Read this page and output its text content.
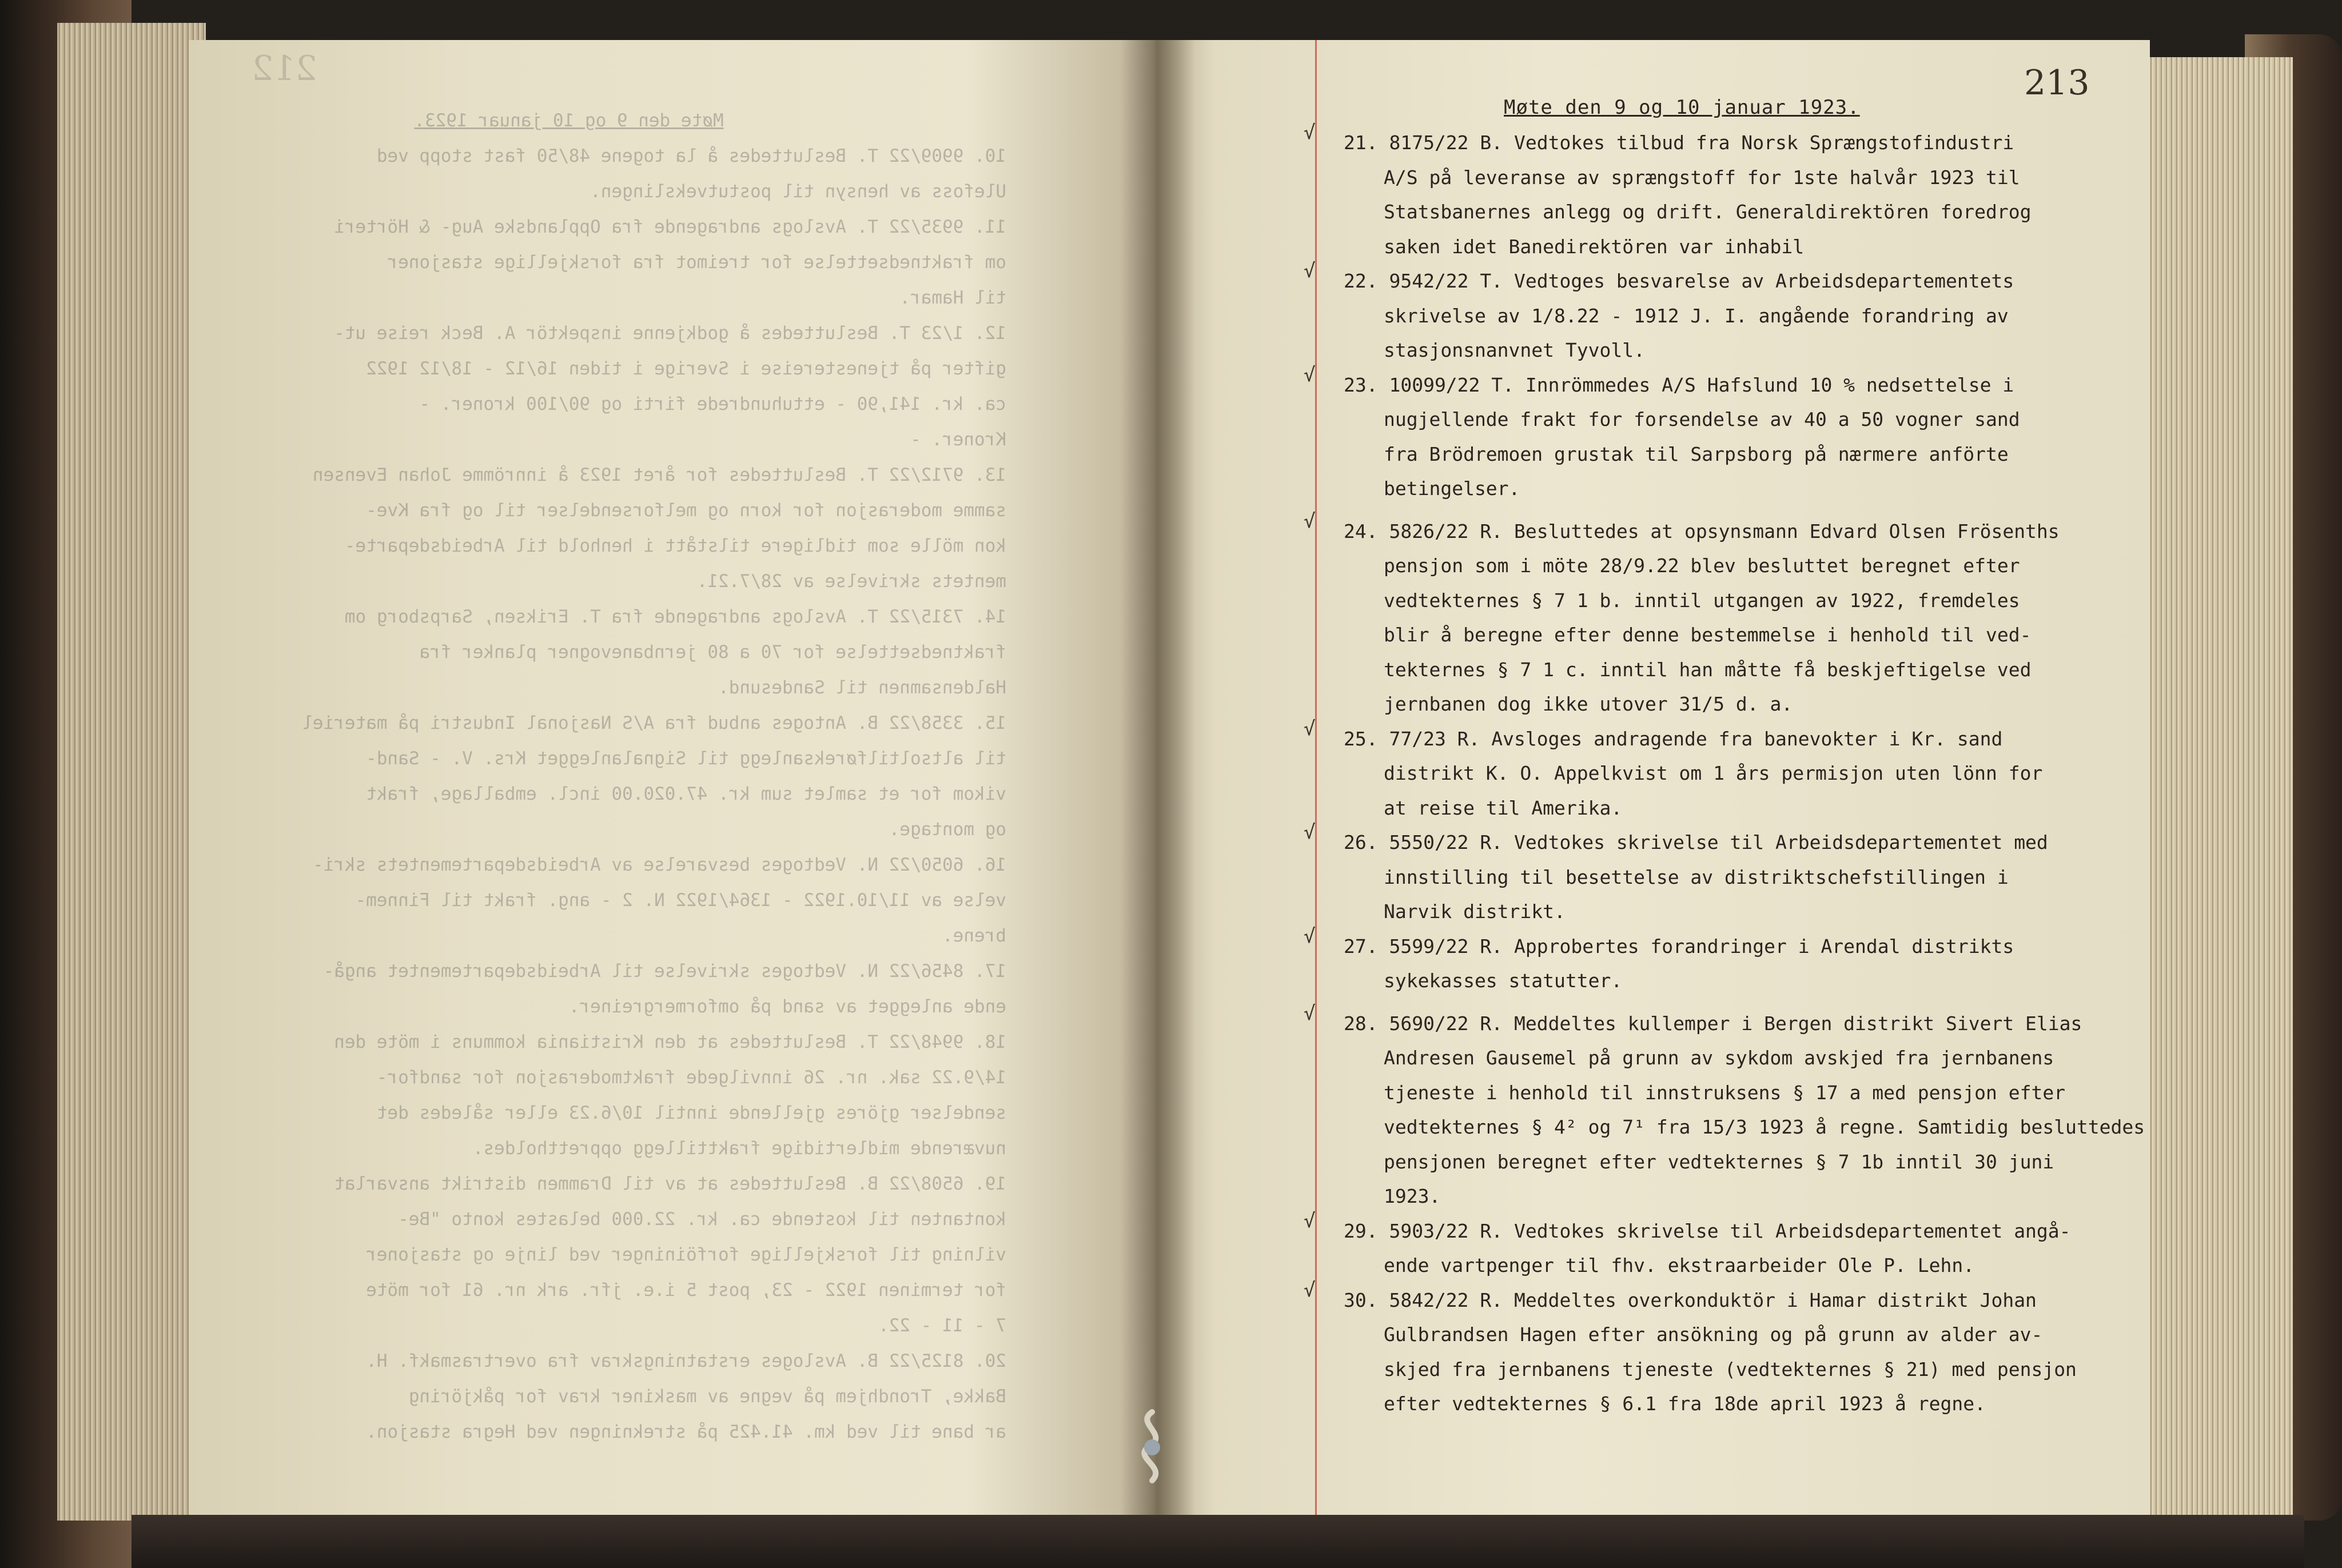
212
Møte den 9 og 10 januar 1923.
10. 9909/22 T. Besluttedes å la togene 48/50 fast stopp ved
Ulefoss av hensyn til postutvekslingen.
11. 9935/22 T. Avslogs andragende fra Opplandske Aug- & Hörteri
om fraktnedsettelse for treimot fra forskjellige stasjoner
til Hamar.
12. 1/23 T. Besluttedes å godkjenne inspektör A. Beck reise ut-
gifter på tjenestereise i Sverige i tiden 16/12 - 18/12 1922
ca. kr. 141,90 - ettuhundrede firti og 90/100 kroner. -
Kroner. -
13. 9712/22 T. Besluttedes for året 1923 å innrömme Johan Evensen
samme moderasjon for korn og melforsendelser til og fra Kve-
kon mölle som tidligere tilstått i henhold til Arbeidsdeparte-
mentets skrivelse av 28/7.21.
14. 7315/22 T. Avslogs andragende fra T. Eriksen, Sarpsborg om
fraktnedsettelse for 70 a 80 jernbanevogner planker fra
Haldensamnen til Sandesund.
15. 3358/22 B. Antoges anbud fra A/S Nasjonal Industri på materiel
til altsoltilføreksanlegg til Signalanlegget Krs. V. - Sand-
vikom for et samlet sum kr. 47.020.00 incl. emballage, frakt
og montage.
16. 6050/22 N. Vedtoges besvarelse av Arbeidsdepartementets skri-
velse av 11/10.1922 - 1364/1922 N. 2 - ang. frakt til Finnem-
brene.
17. 8456/22 N. Vedtoges skrivelse til Arbeidsdepartementet angå-
ende anlegget av sand på omformergreiner.
18. 9948/22 T. Besluttedes at den Kristiania kommuns i möte den
14/9.22 sak. nr. 26 innvilgede fraktmoderasjon for sandfor-
sendelser gjöres gjellende inntil 10/6.23 eller således det
nuværende midlertidige frakttillegg opprettholdes.
19. 6508/22 B. Besluttedes at av til Drammen distrikt ansvarlat
kontanten til kostende ca. kr. 22.000 belastes konto "Be-
vilning til forskjellige forföininger ved linje og stasjoner
for terminen 1922 - 23, post 5 i.e. jfr. ark nr. 61 for möte
7 - 11 - 22.
20. 8125/22 B. Avsloges erstatningskrav fra overtrasmakf. H.
Bakke, Trondhjem på vegne av maskiner krav for påkjöring
ar bane til ved km. 41.425 på strekningen ved Hegra stasjon.
213
Møte den 9 og 10 januar 1923.
√	21. 8175/22 B. Vedtokes tilbud fra Norsk Sprængstofindustri
A/S på leveranse av sprængstoff for 1ste halvår 1923 til
Statsbanernes anlegg og drift. Generaldirektören foredrog
saken idet Banedirektören var inhabil
√	22. 9542/22 T. Vedtoges besvarelse av Arbeidsdepartementets
skrivelse av 1/8.22 - 1912 J. I. angående forandring av
stasjonsnanvnet Tyvoll.
√	23. 10099/22 T. Innrömmedes A/S Hafslund 10 % nedsettelse i
nugjellende frakt for forsendelse av 40 a 50 vogner sand
fra Brödremoen grustak til Sarpsborg på nærmere anförte
betingelser.
√	24. 5826/22 R. Besluttedes at opsynsmann Edvard Olsen Frösenths
pensjon som i möte 28/9.22 blev besluttet beregnet efter
vedtekternes § 7 1 b. inntil utgangen av 1922, fremdeles
blir å beregne efter denne bestemmelse i henhold til ved-
tekternes § 7 1 c. inntil han måtte få beskjeftigelse ved
jernbanen dog ikke utover 31/5 d. a.
√	25. 77/23 R. Avsloges andragende fra banevokter i Kr. sand
distrikt K. O. Appelkvist om 1 års permisjon uten lönn for
at reise til Amerika.
√	26. 5550/22 R. Vedtokes skrivelse til Arbeidsdepartementet med
innstilling til besettelse av distriktschefstillingen i
Narvik distrikt.
√	27. 5599/22 R. Approbertes forandringer i Arendal distrikts
sykekasses statutter.
√	28. 5690/22 R. Meddeltes kullemper i Bergen distrikt Sivert Elias
Andresen Gausemel på grunn av sykdom avskjed fra jernbanens
tjeneste i henhold til innstruksens § 17 a med pensjon efter
vedtekternes § 4² og 7¹ fra 15/3 1923 å regne. Samtidig besluttedes
pensjonen beregnet efter vedtekternes § 7 1b inntil 30 juni
1923.
√	29. 5903/22 R. Vedtokes skrivelse til Arbeidsdepartementet angå-
ende vartpenger til fhv. ekstraarbeider Ole P. Lehn.
√	30. 5842/22 R. Meddeltes overkonduktör i Hamar distrikt Johan
Gulbrandsen Hagen efter ansökning og på grunn av alder av-
skjed fra jernbanens tjeneste (vedtekternes § 21) med pensjon
efter vedtekternes § 6.1 fra 18de april 1923 å regne.
